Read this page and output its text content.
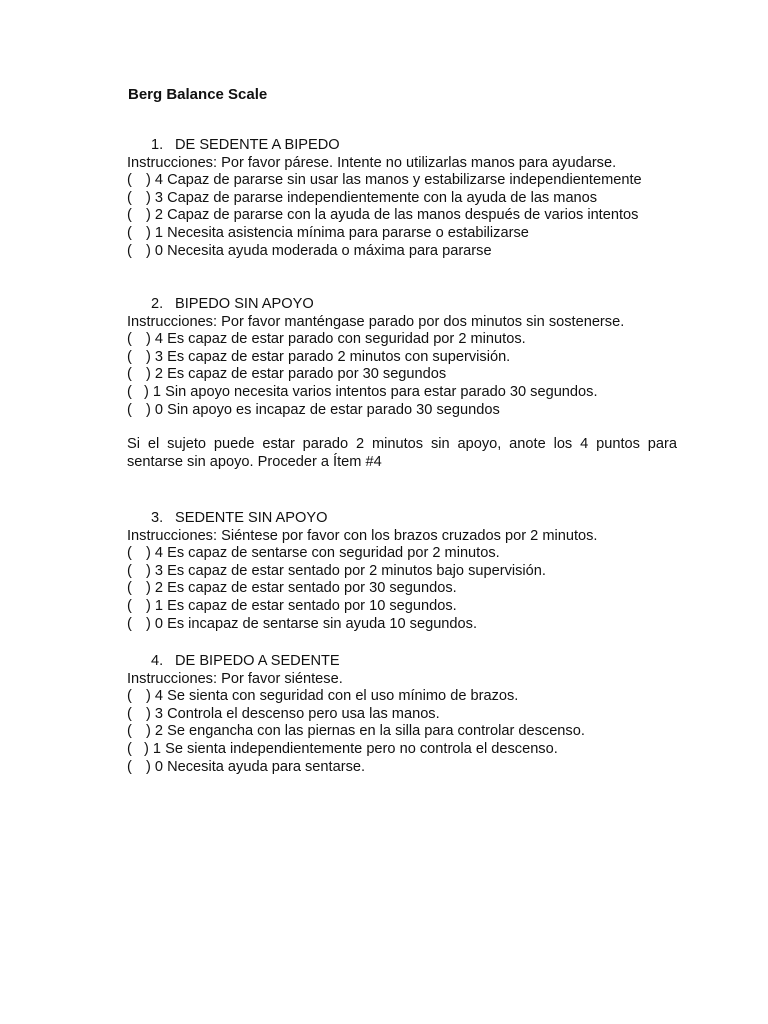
Berg Balance Scale
1. DE SEDENTE A BIPEDO
Instrucciones: Por favor párese. Intente no utilizarlas manos para ayudarse.
( ) 4 Capaz de pararse sin usar las manos y estabilizarse independientemente
( ) 3 Capaz de pararse independientemente con la ayuda de las manos
( ) 2 Capaz de pararse con la ayuda de las manos después de varios intentos
( ) 1 Necesita asistencia mínima para pararse o estabilizarse
( ) 0 Necesita ayuda moderada o máxima para pararse
2. BIPEDO SIN APOYO
Instrucciones: Por favor manténgase parado por dos minutos sin sostenerse.
( ) 4 Es capaz de estar parado con seguridad por 2 minutos.
( ) 3 Es capaz de estar parado 2 minutos con supervisión.
( ) 2 Es capaz de estar parado por 30 segundos
( ) 1 Sin apoyo necesita varios intentos para estar parado 30 segundos.
( ) 0 Sin apoyo es incapaz de estar parado 30 segundos
Si el sujeto puede estar parado 2 minutos sin apoyo, anote los 4 puntos para sentarse sin apoyo. Proceder a Ítem #4
3. SEDENTE SIN APOYO
Instrucciones: Siéntese por favor con los brazos cruzados por 2 minutos.
( ) 4 Es capaz de sentarse con seguridad por 2 minutos.
( ) 3 Es capaz de estar sentado por 2 minutos bajo supervisión.
( ) 2 Es capaz de estar sentado por 30 segundos.
( ) 1 Es capaz de estar sentado por 10 segundos.
( ) 0 Es incapaz de sentarse sin ayuda 10 segundos.
4. DE BIPEDO A SEDENTE
Instrucciones: Por favor siéntese.
( ) 4 Se sienta con seguridad con el uso mínimo de brazos.
( ) 3 Controla el descenso pero usa las manos.
( ) 2 Se engancha con las piernas en la silla para controlar descenso.
( ) 1 Se sienta independientemente pero no controla el descenso.
( ) 0 Necesita ayuda para sentarse.
